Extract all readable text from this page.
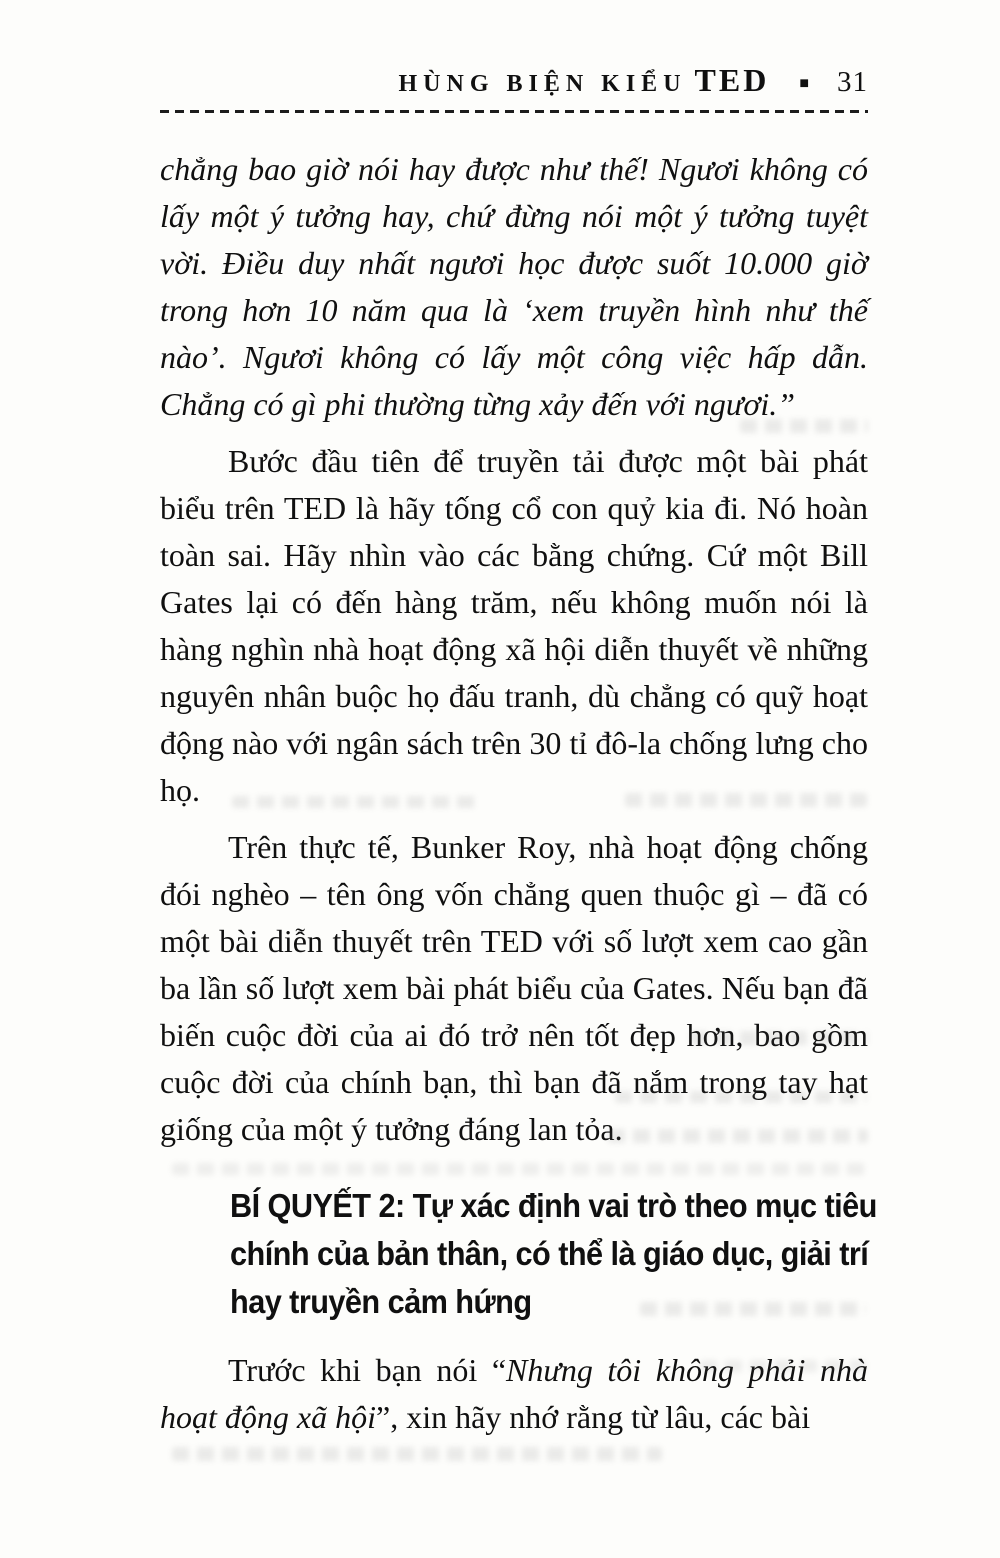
HÙNG BIỆN KIỂU TED ■ 31

chẳng bao giờ nói hay được như thế! Ngươi không có lấy một ý tưởng hay, chứ đừng nói một ý tưởng tuyệt vời. Điều duy nhất ngươi học được suốt 10.000 giờ trong hơn 10 năm qua là ‘xem truyền hình như thế nào’. Ngươi không có lấy một công việc hấp dẫn. Chẳng có gì phi thường từng xảy đến với ngươi.”

Bước đầu tiên để truyền tải được một bài phát biểu trên TED là hãy tống cổ con quỷ kia đi. Nó hoàn toàn sai. Hãy nhìn vào các bằng chứng. Cứ một Bill Gates lại có đến hàng trăm, nếu không muốn nói là hàng nghìn nhà hoạt động xã hội diễn thuyết về những nguyên nhân buộc họ đấu tranh, dù chẳng có quỹ hoạt động nào với ngân sách trên 30 tỉ đô-la chống lưng cho họ.

Trên thực tế, Bunker Roy, nhà hoạt động chống đói nghèo – tên ông vốn chẳng quen thuộc gì – đã có một bài diễn thuyết trên TED với số lượt xem cao gần ba lần số lượt xem bài phát biểu của Gates. Nếu bạn đã biến cuộc đời của ai đó trở nên tốt đẹp hơn, bao gồm cuộc đời của chính bạn, thì bạn đã nắm trong tay hạt giống của một ý tưởng đáng lan tỏa.

BÍ QUYẾT 2: Tự xác định vai trò theo mục tiêu
chính của bản thân, có thể là giáo dục, giải trí
hay truyền cảm hứng

Trước khi bạn nói “Nhưng tôi không phải nhà hoạt động xã hội”, xin hãy nhớ rằng từ lâu, các bài
